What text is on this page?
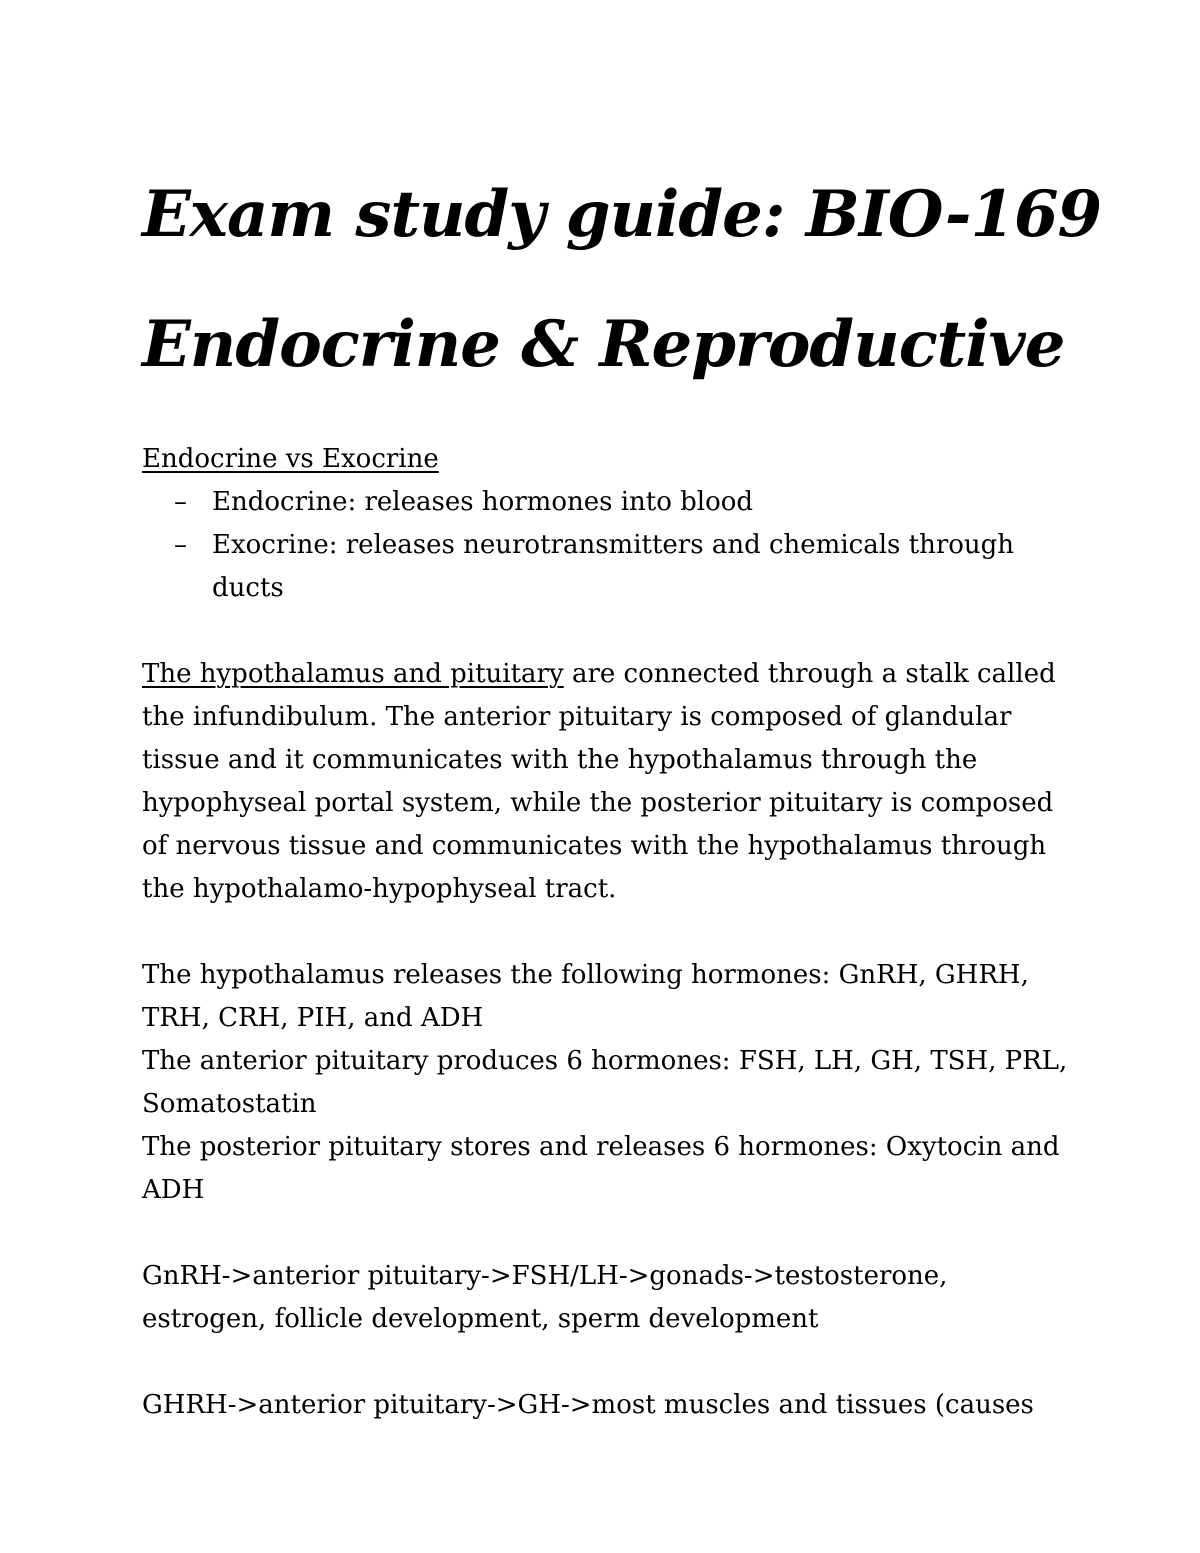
Exam study guide: BIO-169
Endocrine & Reproductive
Endocrine vs Exocrine
– Endocrine: releases hormones into blood
– Exocrine: releases neurotransmitters and chemicals through ducts

The hypothalamus and pituitary are connected through a stalk called the infundibulum. The anterior pituitary is composed of glandular tissue and it communicates with the hypothalamus through the hypophyseal portal system, while the posterior pituitary is composed of nervous tissue and communicates with the hypothalamus through the hypothalamo-hypophyseal tract.

The hypothalamus releases the following hormones: GnRH, GHRH, TRH, CRH, PIH, and ADH
The anterior pituitary produces 6 hormones: FSH, LH, GH, TSH, PRL, Somatostatin
The posterior pituitary stores and releases 6 hormones: Oxytocin and ADH

GnRH->anterior pituitary->FSH/LH->gonads->testosterone, estrogen, follicle development, sperm development

GHRH->anterior pituitary->GH->most muscles and tissues (causes
